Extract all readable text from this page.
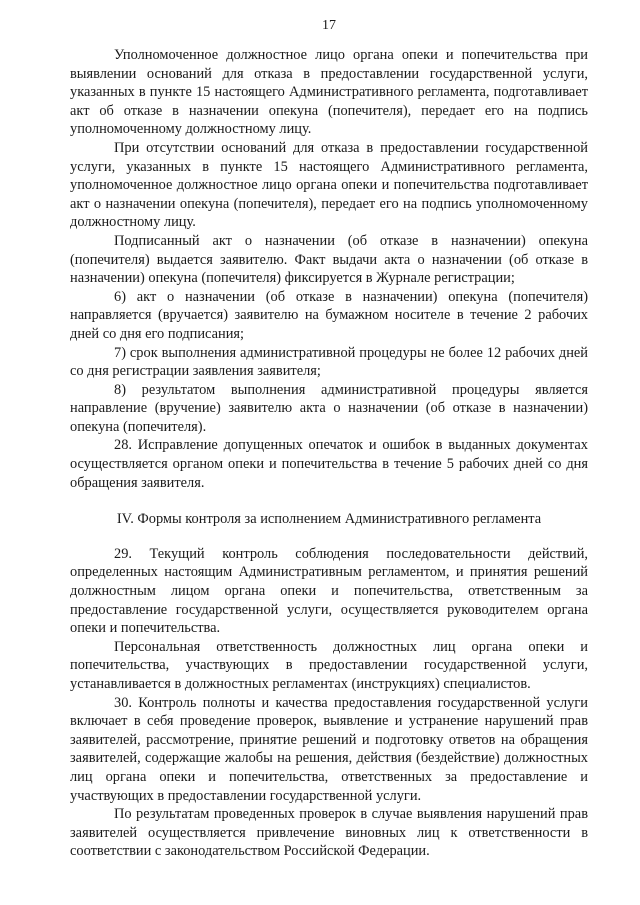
17

Уполномоченное должностное лицо органа опеки и попечительства при выявлении оснований для отказа в предоставлении государственной услуги, указанных в пункте 15 настоящего Административного регламента, подготавливает акт об отказе в назначении опекуна (попечителя), передает его на подпись уполномоченному должностному лицу.

При отсутствии оснований для отказа в предоставлении государственной услуги, указанных в пункте 15 настоящего Административного регламента, уполномоченное должностное лицо органа опеки и попечительства подготавливает акт о назначении опекуна (попечителя), передает его на подпись уполномоченному должностному лицу.

Подписанный акт о назначении (об отказе в назначении) опекуна (попечителя) выдается заявителю. Факт выдачи акта о назначении (об отказе в назначении) опекуна (попечителя) фиксируется в Журнале регистрации;

6) акт о назначении (об отказе в назначении) опекуна (попечителя) направляется (вручается) заявителю на бумажном носителе в течение 2 рабочих дней со дня его подписания;

7) срок выполнения административной процедуры не более 12 рабочих дней со дня регистрации заявления заявителя;

8) результатом выполнения административной процедуры является направление (вручение) заявителю акта о назначении (об отказе в назначении) опекуна (попечителя).

28. Исправление допущенных опечаток и ошибок в выданных документах осуществляется органом опеки и попечительства в течение 5 рабочих дней со дня обращения заявителя.

IV. Формы контроля за исполнением Административного регламента

29. Текущий контроль соблюдения последовательности действий, определенных настоящим Административным регламентом, и принятия решений должностным лицом органа опеки и попечительства, ответственным за предоставление государственной услуги, осуществляется руководителем органа опеки и попечительства.

Персональная ответственность должностных лиц органа опеки и попечительства, участвующих в предоставлении государственной услуги, устанавливается в должностных регламентах (инструкциях) специалистов.

30. Контроль полноты и качества предоставления государственной услуги включает в себя проведение проверок, выявление и устранение нарушений прав заявителей, рассмотрение, принятие решений и подготовку ответов на обращения заявителей, содержащие жалобы на решения, действия (бездействие) должностных лиц органа опеки и попечительства, ответственных за предоставление и участвующих в предоставлении государственной услуги.

По результатам проведенных проверок в случае выявления нарушений прав заявителей осуществляется привлечение виновных лиц к ответственности в соответствии с законодательством Российской Федерации.
